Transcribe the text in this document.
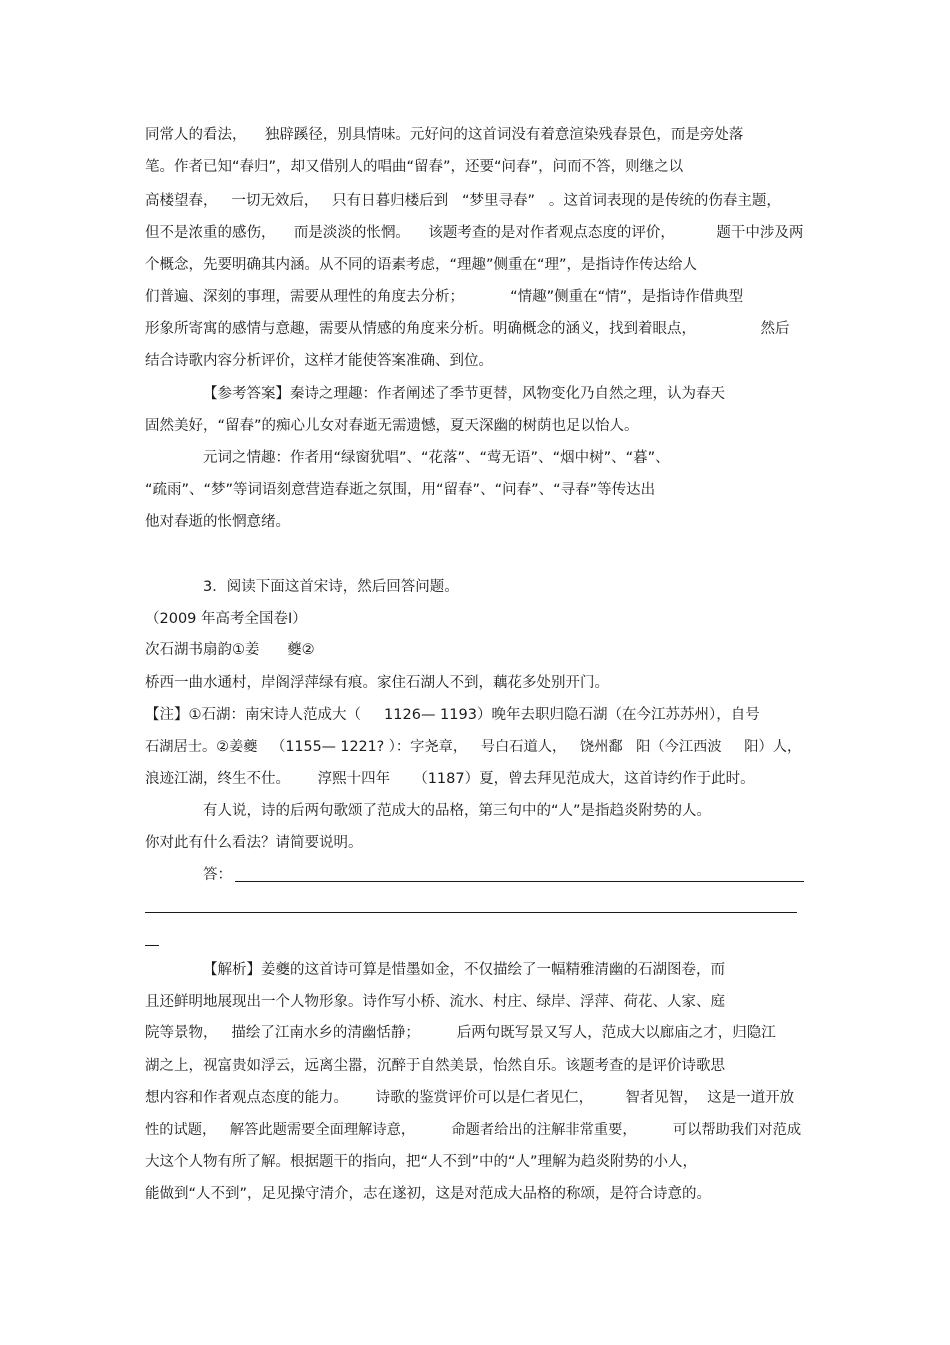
同常人的看法，    独辟蹊径，别具情味。元好问的这首词没有着意渲染残春景色，而是旁处落
笔。作者已知“春归”，却又借别人的唱曲“留春”，还要“问春”，问而不答，则继之以
高楼望春，   一切无效后，   只有日暮归楼后到   “梦里寻春”   。这首词表现的是传统的伤春主题，
但不是浓重的感伤，    而是淡淡的怅惘。    该题考查的是对作者观点态度的评价，         题干中涉及两
个概念，先要明确其内涵。从不同的语素考虑，“理趣”侧重在“理”，是指诗作传达给人
们普遍、深刻的事理，需要从理性的角度去分析；          “情趣”侧重在“情”，是指诗作借典型
形象所寄寓的感情与意趣，需要从情感的角度来分析。明确概念的涵义，找到着眼点，              然后
结合诗歌内容分析评价，这样才能使答案准确、到位。
【参考答案】秦诗之理趣：作者阐述了季节更替，风物变化乃自然之理，认为春天
固然美好，“留春”的痴心儿女对春逝无需遗憾，夏天深幽的树荫也足以怡人。
元词之情趣：作者用“绿窗犹唱”、“花落”、“莺无语”、“烟中树”、“暮”、
“疏雨”、“梦”等词语刻意营造春逝之氛围，用“留春”、“问春”、“寻春”等传达出
他对春逝的怅惘意绪。
3．阅读下面这首宋诗，然后回答问题。
（2009 年高考全国卷Ⅰ）
次石湖书扇韵①姜      夔②
桥西一曲水通村，岸阁浮萍绿有痕。家住石湖人不到，藕花多处别开门。
【注】①石湖：南宋诗人范成大（     1126— 1193）晚年去职归隐石湖（在今江苏苏州），自号
石湖居士。②姜夔   （1155— 1221? ）：字尧章，   号白石道人，   饶州鄱   阳（今江西波     阳）人，
浪迹江湖，终生不仕。      淳熙十四年     （1187）夏，曾去拜见范成大，这首诗约作于此时。
有人说，诗的后两句歌颂了范成大的品格，第三句中的“人”是指趋炎附势的人。
你对此有什么看法？请简要说明。
答：
【解析】姜夔的这首诗可算是惜墨如金，不仅描绘了一幅精雅清幽的石湖图卷，而
且还鲜明地展现出一个人物形象。诗作写小桥、流水、村庄、绿岸、浮萍、荷花、人家、庭
院等景物，   描绘了江南水乡的清幽恬静；        后两句既写景又写人，范成大以廊庙之才，归隐江
湖之上，视富贵如浮云，远离尘嚣，沉醉于自然美景，怡然自乐。该题考查的是评价诗歌思
想内容和作者观点态度的能力。      诗歌的鉴赏评价可以是仁者见仁，       智者见智，  这是一道开放
性的试题，   解答此题需要全面理解诗意，        命题者给出的注解非常重要，        可以帮助我们对范成
大这个人物有所了解。根据题干的指向，把“人不到”中的“人”理解为趋炎附势的小人，
能做到“人不到”，足见操守清介，志在遂初，这是对范成大品格的称颂，是符合诗意的。
